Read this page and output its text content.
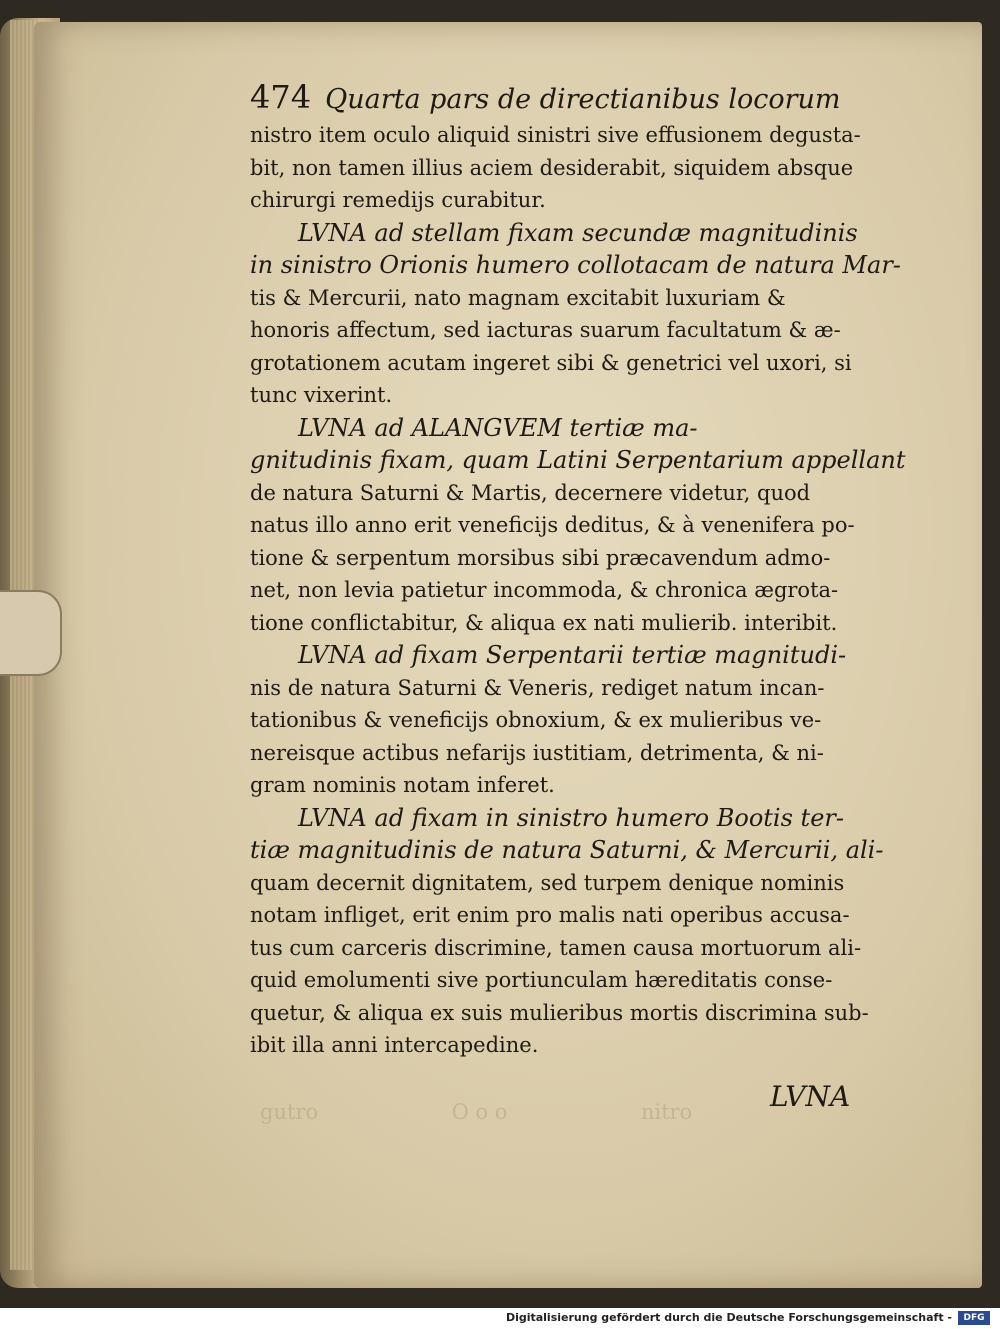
gutro                    O o o                    nitro
474 Quarta pars de directianibus locorum
nistro item oculo aliquid sinistri sive effusionem degusta-
bit, non tamen illius aciem desiderabit, siquidem absque
chirurgi remedijs curabitur.
LVNA ad stellam fixam secundæ magnitudinis
in sinistro Orionis humero collotacam de natura Mar-
tis & Mercurii, nato magnam excitabit luxuriam &
honoris affectum, sed iacturas suarum facultatum & æ-
grotationem acutam ingeret sibi & genetrici vel uxori, si
tunc vixerint.
LVNA ad ALANGVEM tertiæ ma-
gnitudinis fixam, quam Latini Serpentarium appellant
de natura Saturni & Martis, decernere videtur, quod
natus illo anno erit veneficijs deditus, & à venenifera po-
tione & serpentum morsibus sibi præcavendum admo-
net, non levia patietur incommoda, & chronica ægrota-
tione conflictabitur, & aliqua ex nati mulierib. interibit.
LVNA ad fixam Serpentarii tertiæ magnitudi-
nis de natura Saturni & Veneris, rediget natum incan-
tationibus & veneficijs obnoxium, & ex mulieribus ve-
nereisque actibus nefarijs iustitiam, detrimenta, & ni-
gram nominis notam inferet.
LVNA ad fixam in sinistro humero Bootis ter-
tiæ magnitudinis de natura Saturni, & Mercurii, ali-
quam decernit dignitatem, sed turpem denique nominis
notam infliget, erit enim pro malis nati operibus accusa-
tus cum carceris discrimine, tamen causa mortuorum ali-
quid emolumenti sive portiunculam hæreditatis conse-
quetur, & aliqua ex suis mulieribus mortis discrimina sub-
ibit illa anni intercapedine.
LVNA
Digitalisierung gefördert durch die Deutsche Forschungsgemeinschaft -	DFG
